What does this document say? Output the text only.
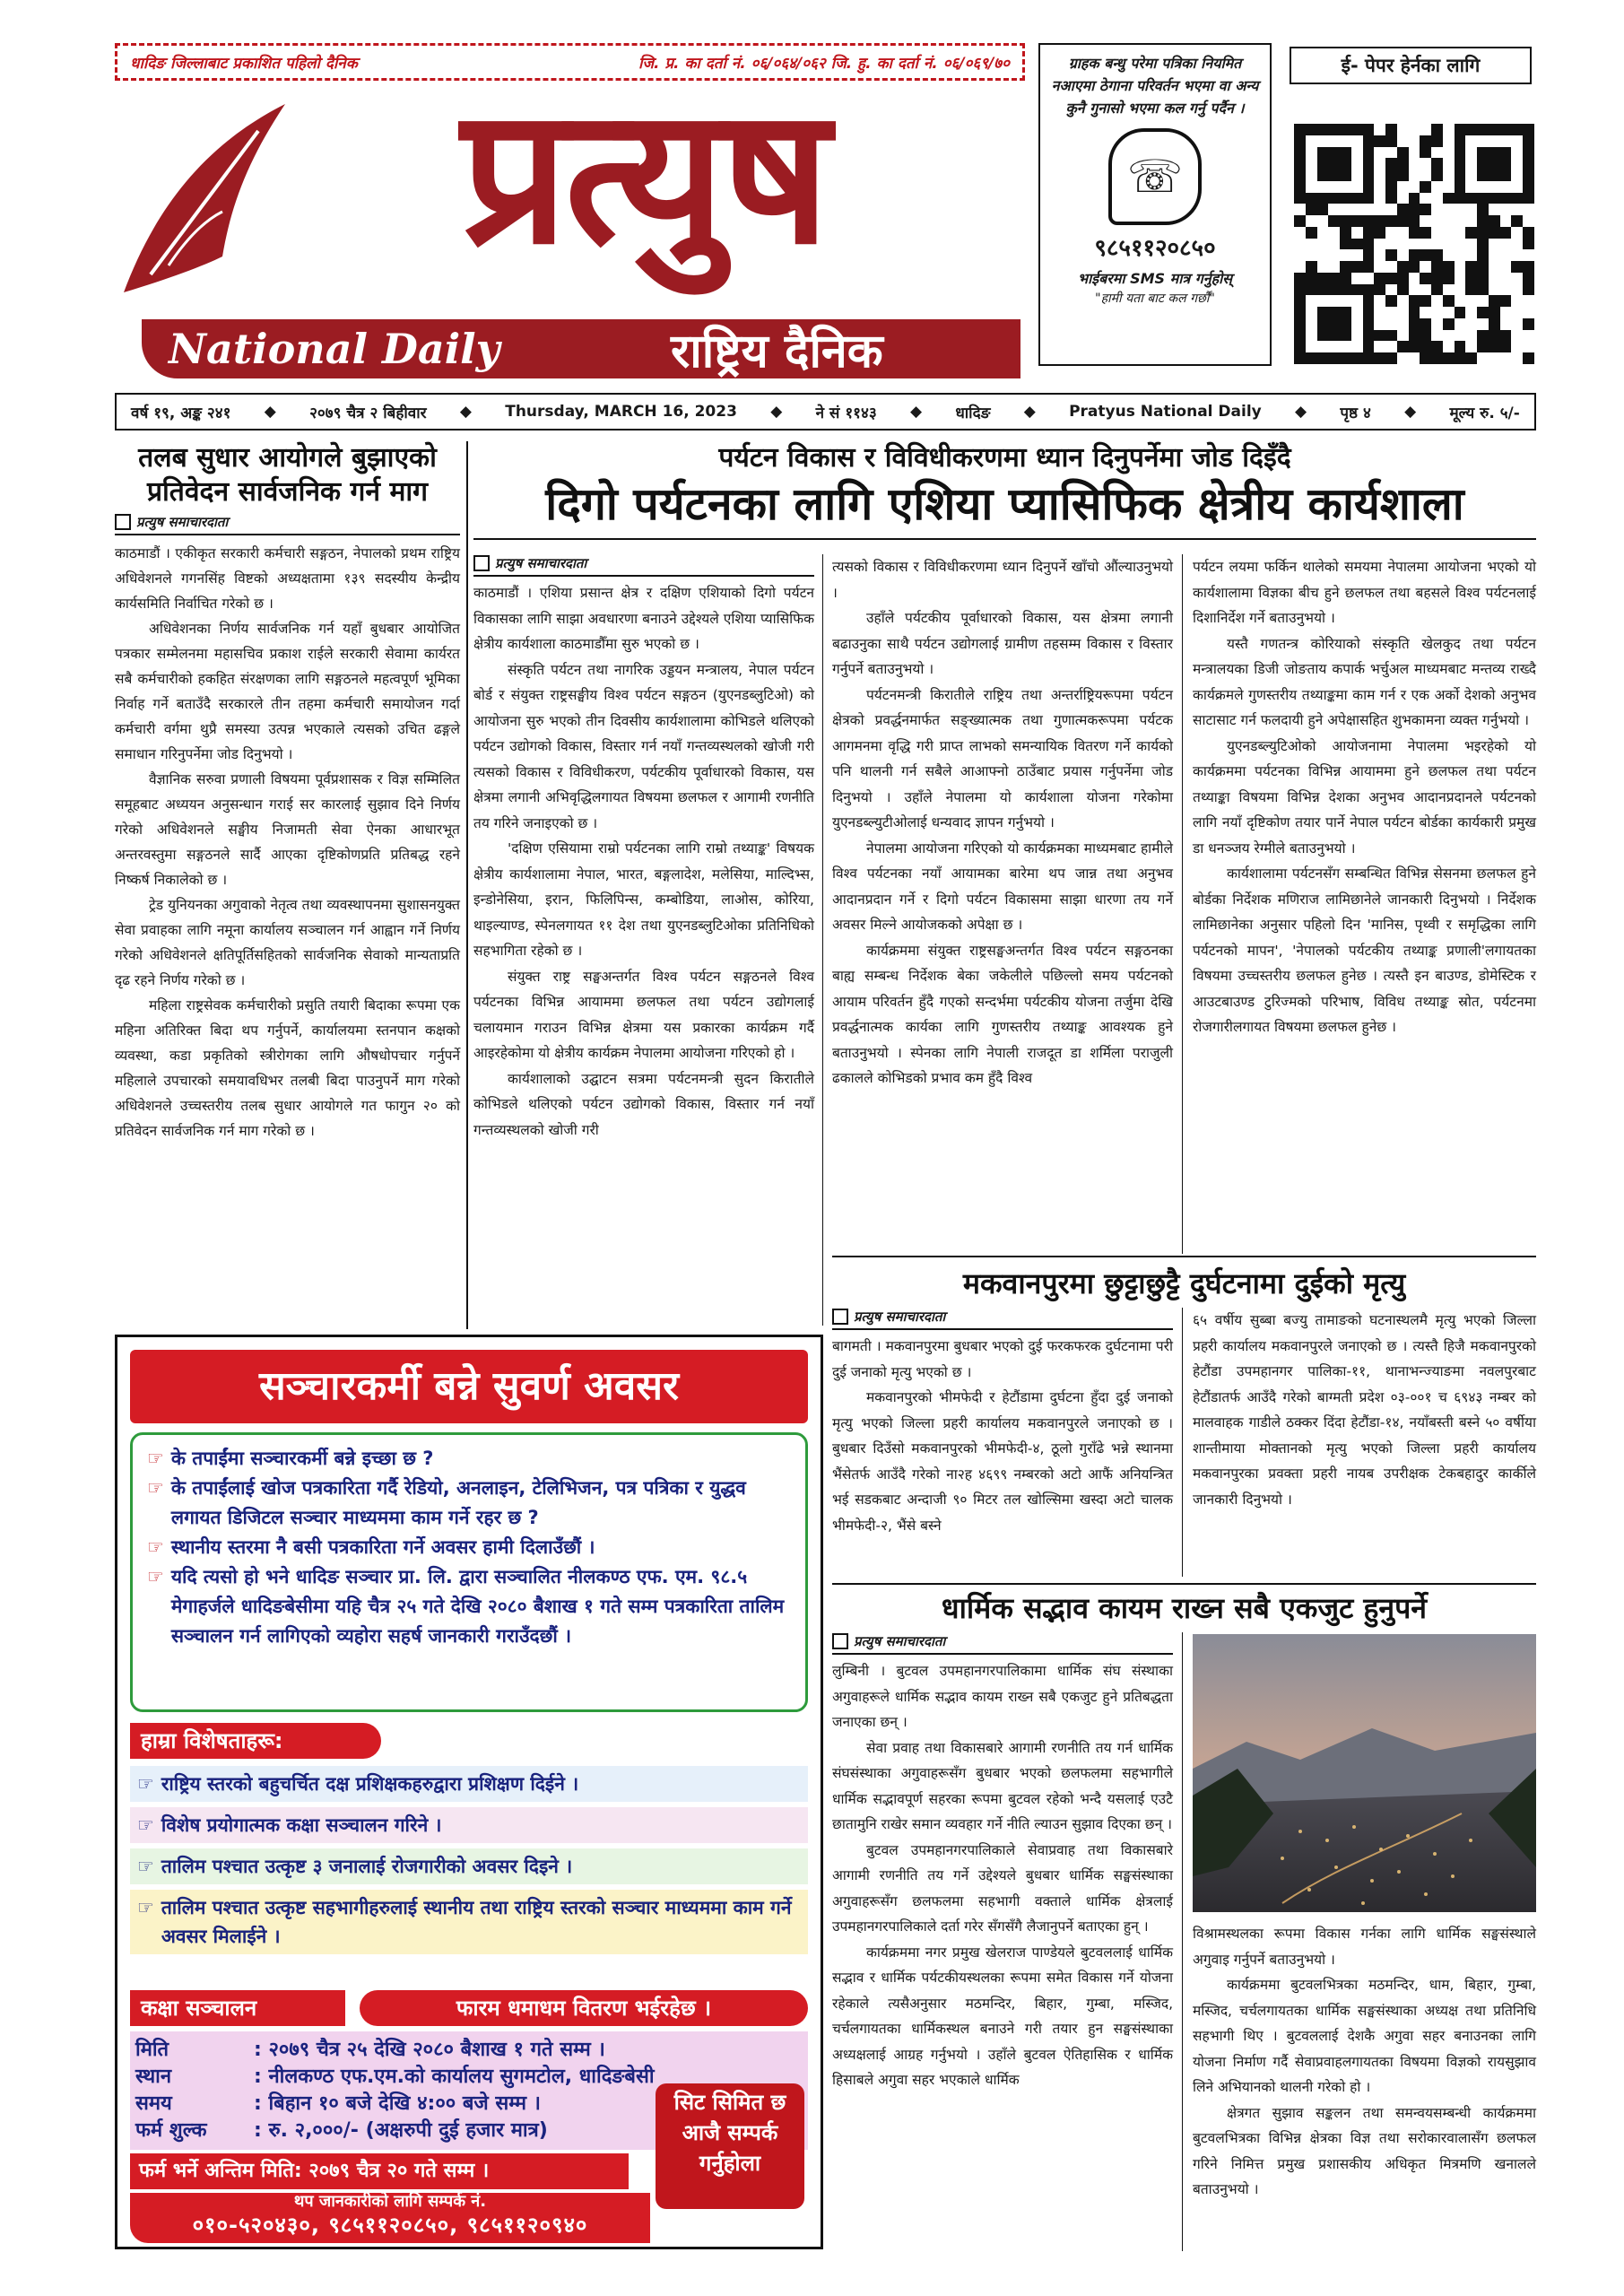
धादिङ जिल्लाबाट प्रकाशित पहिलो दैनिक	जि. प्र. का दर्ता नं. ०६/०६४/०६२ जि. हु. का दर्ता नं. ०६/०६९/७०
प्रत्युष
National Daily	राष्ट्रिय दैनिक
ग्राहक बन्धु परेमा पत्रिका नियमित नआएमा ठेगाना परिवर्तन भएमा वा अन्य कुनै गुनासो भएमा कल गर्नु पर्दैन ।
☏
९८५११२०८५०
भाईबरमा SMS मात्र गर्नुहोस्
"हामी यता बाट कल गर्छौं"
ई- पेपर हेर्नका लागि
वर्ष १९, अङ्क २४१ ◆ २०७९ चैत्र २ बिहीवार ◆ Thursday, MARCH 16, 2023 ◆ ने सं ११४३ ◆ धादिङ ◆ Pratyus National Daily ◆ पृष्ठ ४ ◆ मूल्य रु. ५/-
तलब सुधार आयोगले बुझाएको प्रतिवेदन सार्वजनिक गर्न माग
प्रत्युष समाचारदाता

काठमाडौं । एकीकृत सरकारी कर्मचारी सङ्गठन, नेपालको प्रथम राष्ट्रिय अधिवेशनले गगनसिंह विष्टको अध्यक्षतामा १३९ सदस्यीय केन्द्रीय कार्यसमिति निर्वाचित गरेको छ ।

अधिवेशनका निर्णय सार्वजनिक गर्न यहाँ बुधबार आयोजित पत्रकार सम्मेलनमा महासचिव प्रकाश राईले सरकारी सेवामा कार्यरत सबै कर्मचारीको हकहित संरक्षणका लागि सङ्गठनले महत्वपूर्ण भूमिका निर्वाह गर्ने बताउँदै सरकारले तीन तहमा कर्मचारी समायोजन गर्दा कर्मचारी वर्गमा थुप्रै समस्या उत्पन्न भएकाले त्यसको उचित ढङ्गले समाधान गरिनुपर्नेमा जोड दिनुभयो ।

वैज्ञानिक सरुवा प्रणाली विषयमा पूर्वप्रशासक र विज्ञ सम्मिलित समूहबाट अध्ययन अनुसन्धान गराई सर कारलाई सुझाव दिने निर्णय गरेको अधिवेशनले सङ्घीय निजामती सेवा ऐनका आधारभूत अन्तरवस्तुमा सङ्गठनले सार्दै आएका दृष्टिकोणप्रति प्रतिबद्ध रहने निष्कर्ष निकालेको छ ।

ट्रेड युनियनका अगुवाको नेतृत्व तथा व्यवस्थापनमा सुशासनयुक्त सेवा प्रवाहका लागि नमूना कार्यालय सञ्चालन गर्न आह्वान गर्ने निर्णय गरेको अधिवेशनले क्षतिपूर्तिसहितको सार्वजनिक सेवाको मान्यताप्रति दृढ रहने निर्णय गरेको छ ।

महिला राष्ट्रसेवक कर्मचारीको प्रसुति तयारी बिदाका रूपमा एक महिना अतिरिक्त बिदा थप गर्नुपर्ने, कार्यालयमा स्तनपान कक्षको व्यवस्था, कडा प्रकृतिको स्त्रीरोगका लागि औषधोपचार गर्नुपर्ने महिलाले उपचारको समयावधिभर तलबी बिदा पाउनुपर्ने माग गरेको अधिवेशनले उच्चस्तरीय तलब सुधार आयोगले गत फागुन २० को प्रतिवेदन सार्वजनिक गर्न माग गरेको छ ।

पर्यटन विकास र विविधीकरणमा ध्यान दिनुपर्नेमा जोड दिइँदै
दिगो पर्यटनका लागि एशिया प्यासिफिक क्षेत्रीय कार्यशाला
प्रत्युष समाचारदाता

काठमाडौं । एशिया प्रसान्त क्षेत्र र दक्षिण एशियाको दिगो पर्यटन विकासका लागि साझा अवधारणा बनाउने उद्देश्यले एशिया प्यासिफिक क्षेत्रीय कार्यशाला काठमाडौँमा सुरु भएको छ ।

संस्कृति पर्यटन तथा नागरिक उड्डयन मन्त्रालय, नेपाल पर्यटन बोर्ड र संयुक्त राष्ट्रसङ्घीय विश्व पर्यटन सङ्गठन (युएनडब्लुटिओ) को आयोजना सुरु भएको तीन दिवसीय कार्यशालामा कोभिडले थलिएको पर्यटन उद्योगको विकास, विस्तार गर्न नयाँ गन्तव्यस्थलको खोजी गरी त्यसको विकास र विविधीकरण, पर्यटकीय पूर्वाधारको विकास, यस क्षेत्रमा लगानी अभिवृद्धिलगायत विषयमा छलफल र आगामी रणनीति तय गरिने जनाइएको छ ।

'दक्षिण एसियामा राम्रो पर्यटनका लागि राम्रो तथ्याङ्क' विषयक क्षेत्रीय कार्यशालामा नेपाल, भारत, बङ्गलादेश, मलेसिया, माल्दिभ्स, इन्डोनेसिया, इरान, फिलिपिन्स, कम्बोडिया, लाओस, कोरिया, थाइल्याण्ड, स्पेनलगायत ११ देश तथा युएनडब्लुटिओका प्रतिनिधिको सहभागिता रहेको छ ।

संयुक्त राष्ट्र सङ्घअन्तर्गत विश्व पर्यटन सङ्गठनले विश्व पर्यटनका विभिन्न आयाममा छलफल तथा पर्यटन उद्योगलाई चलायमान गराउन विभिन्न क्षेत्रमा यस प्रकारका कार्यक्रम गर्दै आइरहेकोमा यो क्षेत्रीय कार्यक्रम नेपालमा आयोजना गरिएको हो ।

कार्यशालाको उद्घाटन सत्रमा पर्यटनमन्त्री सुदन किरातीले कोभिडले थलिएको पर्यटन उद्योगको विकास, विस्तार गर्न नयाँ गन्तव्यस्थलको खोजी गरी

त्यसको विकास र विविधीकरणमा ध्यान दिनुपर्ने खाँचो औंल्याउनुभयो ।

उहाँले पर्यटकीय पूर्वाधारको विकास, यस क्षेत्रमा लगानी बढाउनुका साथै पर्यटन उद्योगलाई ग्रामीण तहसम्म विकास र विस्तार गर्नुपर्ने बताउनुभयो ।

पर्यटनमन्त्री किरातीले राष्ट्रिय तथा अन्तर्राष्ट्रियरूपमा पर्यटन क्षेत्रको प्रवर्द्धनमार्फत सङ्ख्यात्मक तथा गुणात्मकरूपमा पर्यटक आगमनमा वृद्धि गरी प्राप्त लाभको समन्यायिक वितरण गर्ने कार्यको पनि थालनी गर्न सबैले आआफ्नो ठाउँबाट प्रयास गर्नुपर्नेमा जोड दिनुभयो । उहाँले नेपालमा यो कार्यशाला योजना गरेकोमा युएनडब्ल्युटीओलाई धन्यवाद ज्ञापन गर्नुभयो ।

नेपालमा आयोजना गरिएको यो कार्यक्रमका माध्यमबाट हामीले विश्व पर्यटनका नयाँ आयामका बारेमा थप जान्न तथा अनुभव आदानप्रदान गर्ने र दिगो पर्यटन विकासमा साझा धारणा तय गर्ने अवसर मिल्ने आयोजकको अपेक्षा छ ।

कार्यक्रममा संयुक्त राष्ट्रसङ्घअन्तर्गत विश्व पर्यटन सङ्गठनका बाह्य सम्बन्ध निर्देशक बेका जकेलीले पछिल्लो समय पर्यटनको आयाम परिवर्तन हुँदै गएको सन्दर्भमा पर्यटकीय योजना तर्जुमा देखि प्रवर्द्धनात्मक कार्यका लागि गुणस्तरीय तथ्याङ्क आवश्यक हुने बताउनुभयो । स्पेनका लागि नेपाली राजदूत डा शर्मिला पराजुली ढकालले कोभिडको प्रभाव कम हुँदै विश्व

पर्यटन लयमा फर्किन थालेको समयमा नेपालमा आयोजना भएको यो कार्यशालामा विज्ञका बीच हुने छलफल तथा बहसले विश्व पर्यटनलाई दिशानिर्देश गर्ने बताउनुभयो ।

यस्तै गणतन्त्र कोरियाको संस्कृति खेलकुद तथा पर्यटन मन्त्रालयका डिजी जोङताय कपार्क भर्चुअल माध्यमबाट मन्तव्य राख्दै कार्यक्रमले गुणस्तरीय तथ्याङ्कमा काम गर्न र एक अर्को देशको अनुभव साटासाट गर्न फलदायी हुने अपेक्षासहित शुभकामना व्यक्त गर्नुभयो ।

युएनडब्ल्युटिओको आयोजनामा नेपालमा भइरहेको यो कार्यक्रममा पर्यटनका विभिन्न आयाममा हुने छलफल तथा पर्यटन तथ्याङ्का विषयमा विभिन्न देशका अनुभव आदानप्रदानले पर्यटनको लागि नयाँ दृष्टिकोण तयार पार्ने नेपाल पर्यटन बोर्डका कार्यकारी प्रमुख डा धनञ्जय रेग्मीले बताउनुभयो ।

कार्यशालामा पर्यटनसँग सम्बन्धित विभिन्न सेसनमा छलफल हुने बोर्डका निर्देशक मणिराज लामिछानेले जानकारी दिनुभयो । निर्देशक लामिछानेका अनुसार पहिलो दिन 'मानिस, पृथ्वी र समृद्धिका लागि पर्यटनको मापन', 'नेपालको पर्यटकीय तथ्याङ्क प्रणाली'लगायतका विषयमा उच्चस्तरीय छलफल हुनेछ । त्यस्तै इन बाउण्ड, डोमेस्टिक र आउटबाउण्ड टुरिज्मको परिभाष, विविध तथ्याङ्क स्रोत, पर्यटनमा रोजगारीलगायत विषयमा छलफल हुनेछ ।

मकवानपुरमा छुट्टाछुट्टै दुर्घटनामा दुईको मृत्यु
प्रत्युष समाचारदाता

बागमती । मकवानपुरमा बुधबार भएको दुई फरकफरक दुर्घटनामा परी दुई जनाको मृत्यु भएको छ ।

मकवानपुरको भीमफेदी र हेटौंडामा दुर्घटना हुँदा दुई जनाको मृत्यु भएको जिल्ला प्रहरी कार्यालय मकवानपुरले जनाएको छ । बुधबार दिउँसो मकवानपुरको भीमफेदी-४, ठूलो गुराँढे भन्ने स्थानमा भैंसेतर्फ आउँदै गरेको ना२ह ४६९९ नम्बरको अटो आफैं अनियन्त्रित भई सडकबाट अन्दाजी ९० मिटर तल खोल्सिमा खस्दा अटो चालक भीमफेदी-२, भैंसे बस्ने

६५ वर्षीय सुब्बा बज्यु तामाङको घटनास्थलमै मृत्यु भएको जिल्ला प्रहरी कार्यालय मकवानपुरले जनाएको छ । त्यस्तै हिजै मकवानपुरको हेटौंडा उपमहानगर पालिका-११, थानाभन्ज्याङमा नवलपुरबाट हेटौंडातर्फ आउँदै गरेको बाग्मती प्रदेश ०३-००१ च ६९४३ नम्बर को मालवाहक गाडीले ठक्कर दिंदा हेटौंडा-१४, नयाँबस्ती बस्ने ५० वर्षीया शान्तीमाया मोक्तानको मृत्यु भएको जिल्ला प्रहरी कार्यालय मकवानपुरका प्रवक्ता प्रहरी नायब उपरीक्षक टेकबहादुर कार्कीले जानकारी दिनुभयो ।

धार्मिक सद्भाव कायम राख्न सबै एकजुट हुनुपर्ने
प्रत्युष समाचारदाता

लुम्बिनी । बुटवल उपमहानगरपालिकामा धार्मिक संघ संस्थाका अगुवाहरूले धार्मिक सद्भाव कायम राख्न सबै एकजुट हुने प्रतिबद्धता जनाएका छन् ।

सेवा प्रवाह तथा विकासबारे आगामी रणनीति तय गर्न धार्मिक संघसंस्थाका अगुवाहरूसँग बुधबार भएको छलफलमा सहभागीले धार्मिक सद्भावपूर्ण सहरका रूपमा बुटवल रहेको भन्दै यसलाई एउटै छातामुनि राखेर समान व्यवहार गर्ने नीति ल्याउन सुझाव दिएका छन् ।

बुटवल उपमहानगरपालिकाले सेवाप्रवाह तथा विकासबारे आगामी रणनीति तय गर्ने उद्देश्यले बुधबार धार्मिक सङ्घसंस्थाका अगुवाहरूसँग छलफलमा सहभागी वक्ताले धार्मिक क्षेत्रलाई उपमहानगरपालिकाले दर्ता गरेर सँगसँगै लैजानुपर्ने बताएका हुन् ।

कार्यक्रममा नगर प्रमुख खेलराज पाण्डेयले बुटवललाई धार्मिक सद्भाव र धार्मिक पर्यटकीयस्थलका रूपमा समेत विकास गर्ने योजना रहेकाले त्यसैअनुसार मठमन्दिर, बिहार, गुम्बा, मस्जिद, चर्चलगायतका धार्मिकस्थल बनाउने गरी तयार हुन सङ्घसंस्थाका अध्यक्षलाई आग्रह गर्नुभयो । उहाँले बुटवल ऐतिहासिक र धार्मिक हिसाबले अगुवा सहर भएकाले धार्मिक

विश्रामस्थलका रूपमा विकास गर्नका लागि धार्मिक सङ्घसंस्थाले अगुवाइ गर्नुपर्ने बताउनुभयो ।

कार्यक्रममा बुटवलभित्रका मठमन्दिर, धाम, बिहार, गुम्बा, मस्जिद, चर्चलगायतका धार्मिक सङ्घसंस्थाका अध्यक्ष तथा प्रतिनिधि सहभागी थिए । बुटवललाई देशकै अगुवा सहर बनाउनका लागि योजना निर्माण गर्दै सेवाप्रवाहलगायतका विषयमा विज्ञको रायसुझाव लिने अभियानको थालनी गरेको हो ।

क्षेत्रगत सुझाव सङ्कलन तथा समन्वयसम्बन्धी कार्यक्रममा बुटवलभित्रका विभिन्न क्षेत्रका विज्ञ तथा सरोकारवालासँग छलफल गरिने निमित्त प्रमुख प्रशासकीय अधिकृत मित्रमणि खनालले बताउनुभयो ।

सञ्चारकर्मी बन्ने सुवर्ण अवसर
☞ के तपाईंमा सञ्चारकर्मी बन्ने इच्छा छ ?
☞ के तपाईंलाई खोज पत्रकारिता गर्दै रेडियो, अनलाइन, टेलिभिजन, पत्र पत्रिका र युद्धव लगायत डिजिटल सञ्चार माध्यममा काम गर्ने रहर छ ?
☞ स्थानीय स्तरमा नै बसी पत्रकारिता गर्ने अवसर हामी दिलाउँछौं ।
☞ यदि त्यसो हो भने धादिङ सञ्चार प्रा. लि. द्वारा सञ्चालित नीलकण्ठ एफ. एम. ९८.५ मेगाहर्जले धादिङबेसीमा यहि चैत्र २५ गते देखि २०८० बैशाख १ गते सम्म पत्रकारिता तालिम सञ्चालन गर्न लागिएको व्यहोरा सहर्ष जानकारी गराउँदछौं ।
हाम्रा विशेषताहरू:
☞ राष्ट्रिय स्तरको बहुचर्चित दक्ष प्रशिक्षकहरुद्वारा प्रशिक्षण दिईने ।
☞ विशेष प्रयोगात्मक कक्षा सञ्चालन गरिने ।
☞ तालिम पश्चात उत्कृष्ट ३ जनालाई रोजगारीको अवसर दिइने ।
☞ तालिम पश्चात उत्कृष्ट सहभागीहरुलाई स्थानीय तथा राष्ट्रिय स्तरको सञ्चार माध्यममा काम गर्ने अवसर मिलाईने ।
कक्षा सञ्चालन	फारम धमाधम वितरण भईरहेछ ।
मिति	: २०७९ चैत्र २५ देखि २०८० बैशाख १ गते सम्म ।
स्थान	: नीलकण्ठ एफ.एम.को कार्यालय सुगमटोल, धादिङबेसी
समय	: बिहान १० बजे देखि ४:०० बजे सम्म ।
फर्म शुल्क	: रु. २,०००/- (अक्षरुपी दुई हजार मात्र)
फर्म भर्ने अन्तिम मिति: २०७९ चैत्र २० गते सम्म ।
सिट सिमित छ आजै सम्पर्क गर्नुहोला
थप जानकारीको लागि सम्पर्क नं.
०१०-५२०४३०, ९८५११२०८५०, ९८५११२०९४०
